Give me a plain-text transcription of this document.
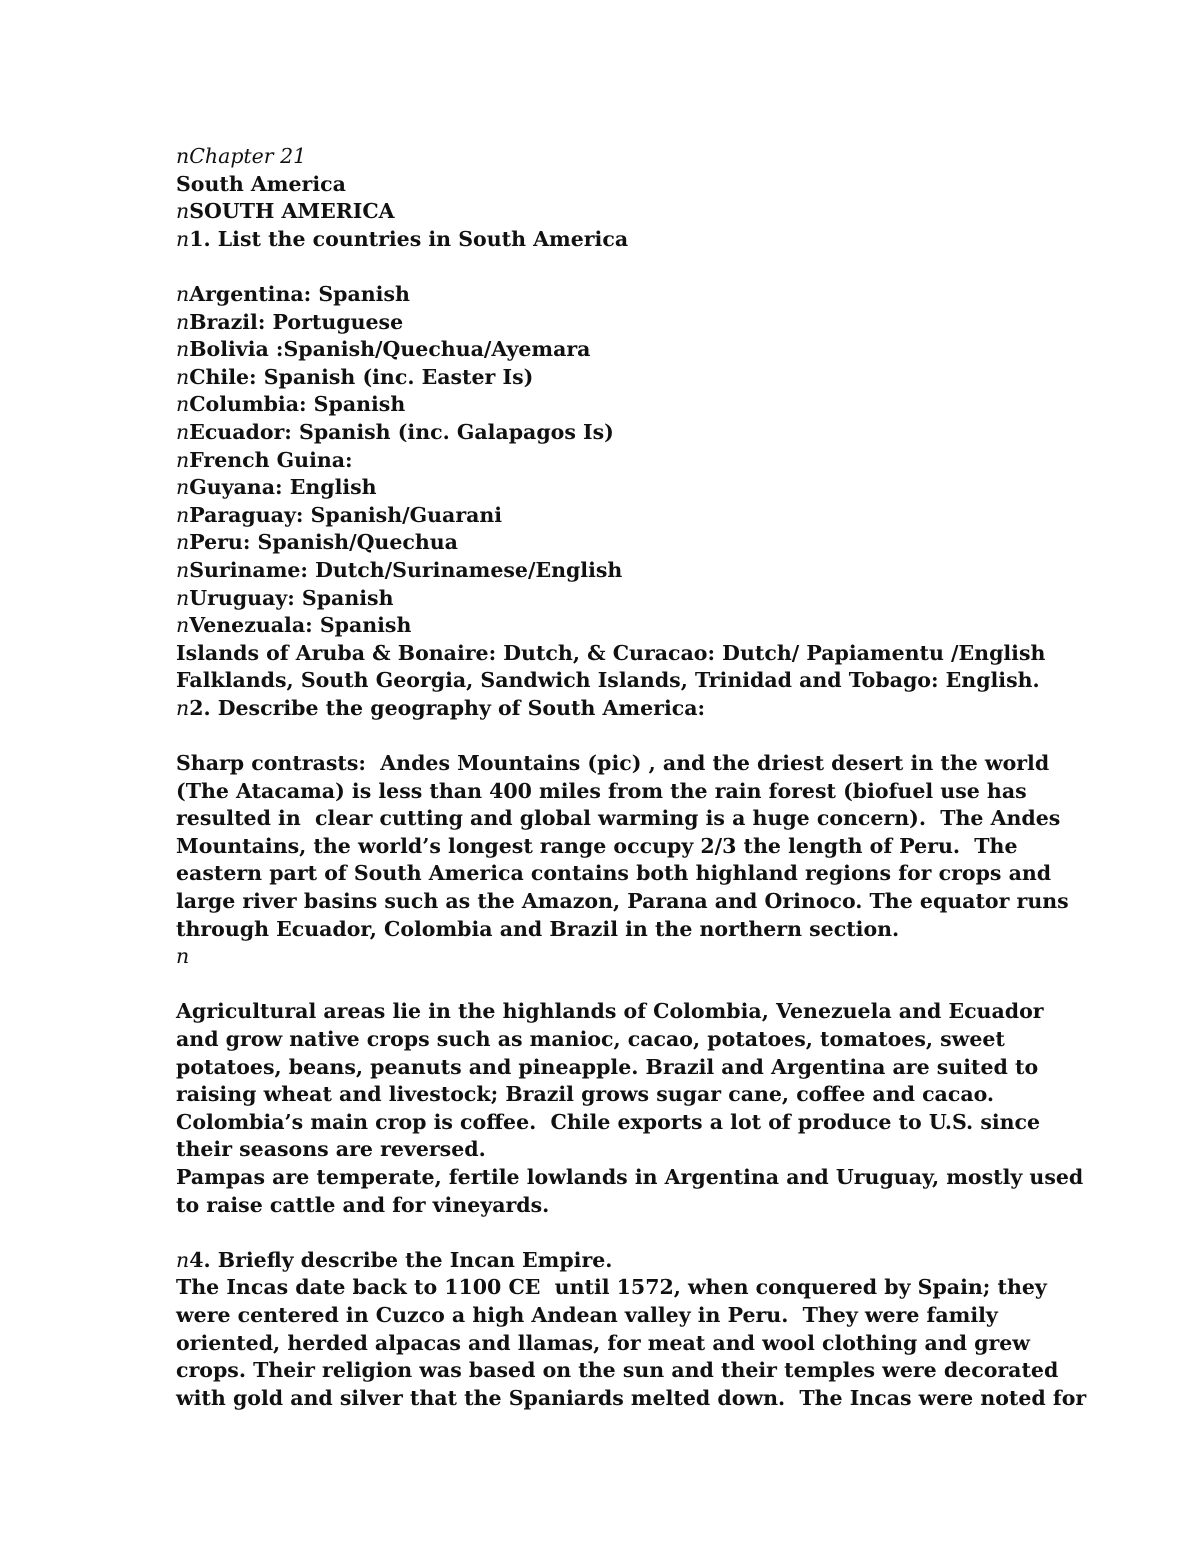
nChapter 21
South America
nSOUTH AMERICA
n1. List the countries in South America
nArgentina: Spanish
nBrazil: Portuguese
nBolivia :Spanish/Quechua/Ayemara
nChile: Spanish (inc. Easter Is)
nColumbia: Spanish
nEcuador: Spanish (inc. Galapagos Is)
nFrench Guina:
nGuyana: English
nParaguay: Spanish/Guarani
nPeru: Spanish/Quechua
nSuriname: Dutch/Surinamese/English
nUruguay: Spanish
nVenezuala: Spanish
Islands of Aruba & Bonaire: Dutch, & Curacao: Dutch/ Papiamentu /English
Falklands, South Georgia, Sandwich Islands, Trinidad and Tobago: English.
n2. Describe the geography of South America:
Sharp contrasts:  Andes Mountains (pic) , and the driest desert in the world
(The Atacama) is less than 400 miles from the rain forest (biofuel use has
resulted in  clear cutting and global warming is a huge concern).  The Andes
Mountains, the world’s longest range occupy 2/3 the length of Peru.  The
eastern part of South America contains both highland regions for crops and
large river basins such as the Amazon, Parana and Orinoco. The equator runs
through Ecuador, Colombia and Brazil in the northern section.
n
Agricultural areas lie in the highlands of Colombia, Venezuela and Ecuador
and grow native crops such as manioc, cacao, potatoes, tomatoes, sweet
potatoes, beans, peanuts and pineapple. Brazil and Argentina are suited to
raising wheat and livestock; Brazil grows sugar cane, coffee and cacao.
Colombia’s main crop is coffee.  Chile exports a lot of produce to U.S. since
their seasons are reversed.
Pampas are temperate, fertile lowlands in Argentina and Uruguay, mostly used
to raise cattle and for vineyards.
n4. Briefly describe the Incan Empire.
The Incas date back to 1100 CE  until 1572, when conquered by Spain; they
were centered in Cuzco a high Andean valley in Peru.  They were family
oriented, herded alpacas and llamas, for meat and wool clothing and grew
crops. Their religion was based on the sun and their temples were decorated
with gold and silver that the Spaniards melted down.  The Incas were noted for
